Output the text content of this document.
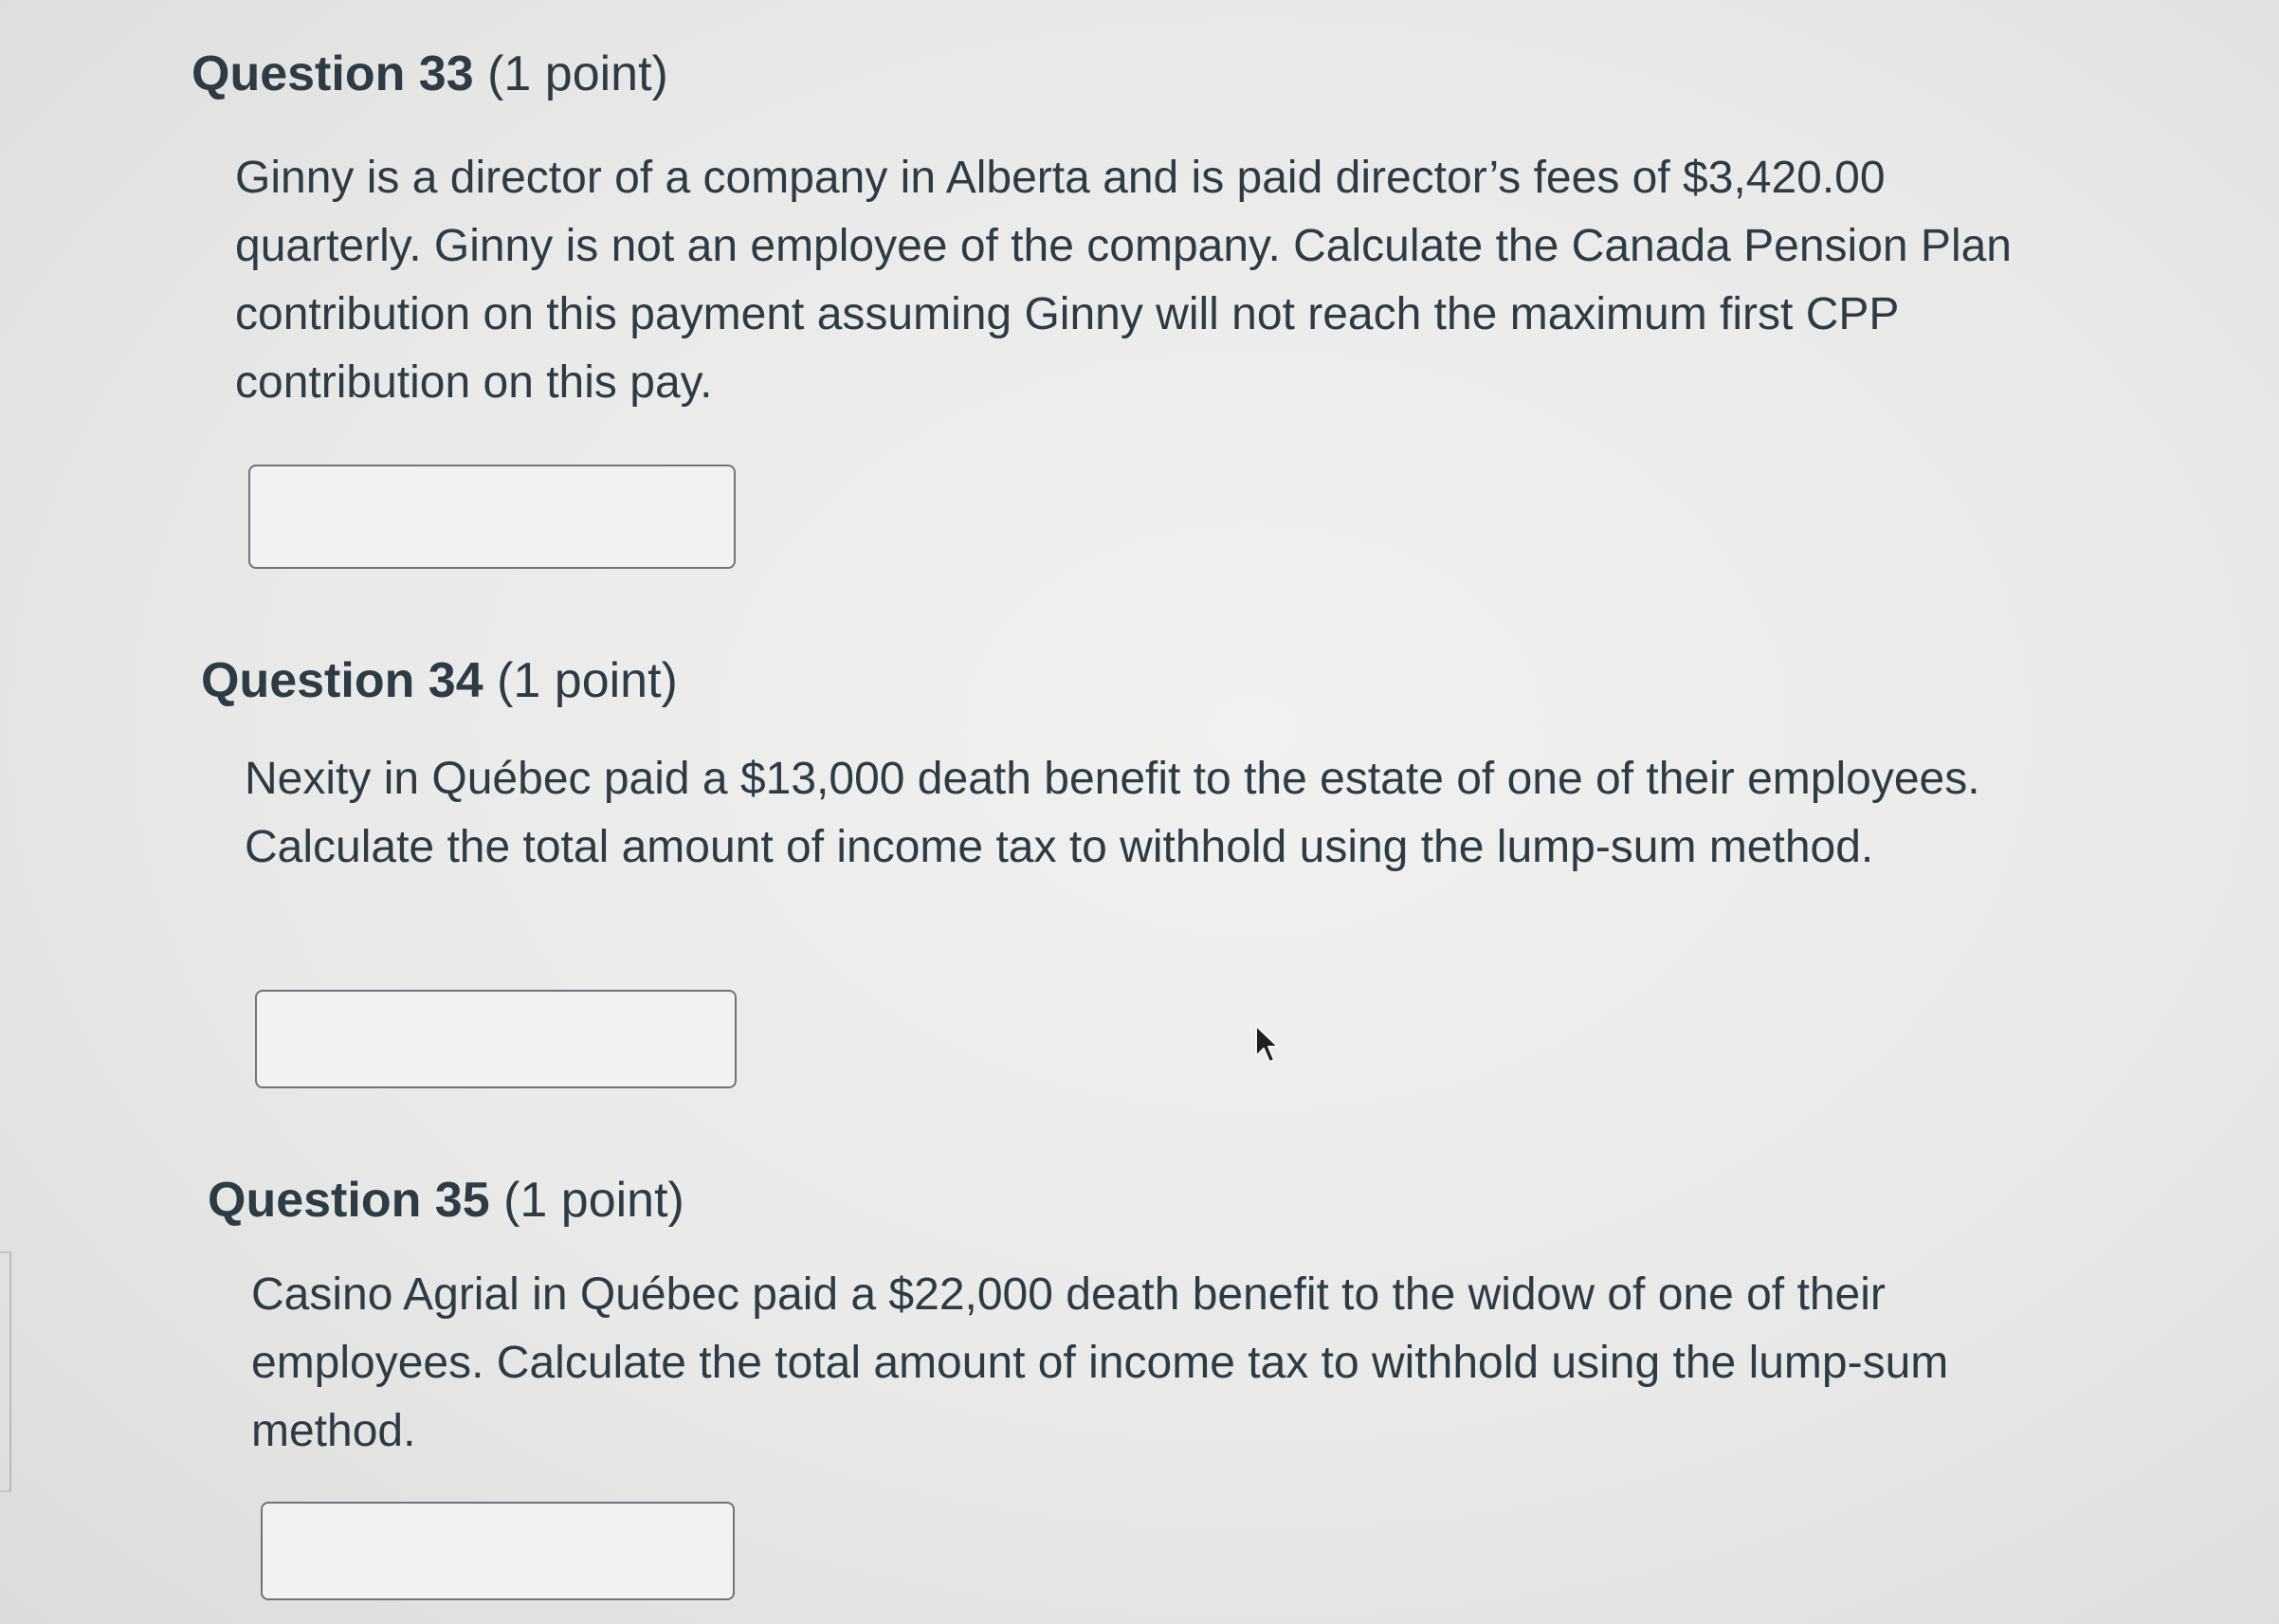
Question 33 (1 point)

Ginny is a director of a company in Alberta and is paid director’s fees of $3,420.00 quarterly. Ginny is not an employee of the company. Calculate the Canada Pension Plan contribution on this payment assuming Ginny will not reach the maximum first CPP contribution on this pay.

Question 34 (1 point)

Nexity in Québec paid a $13,000 death benefit to the estate of one of their employees. Calculate the total amount of income tax to withhold using the lump-sum method.

Question 35 (1 point)

Casino Agrial in Québec paid a $22,000 death benefit to the widow of one of their employees. Calculate the total amount of income tax to withhold using the lump-sum method.
